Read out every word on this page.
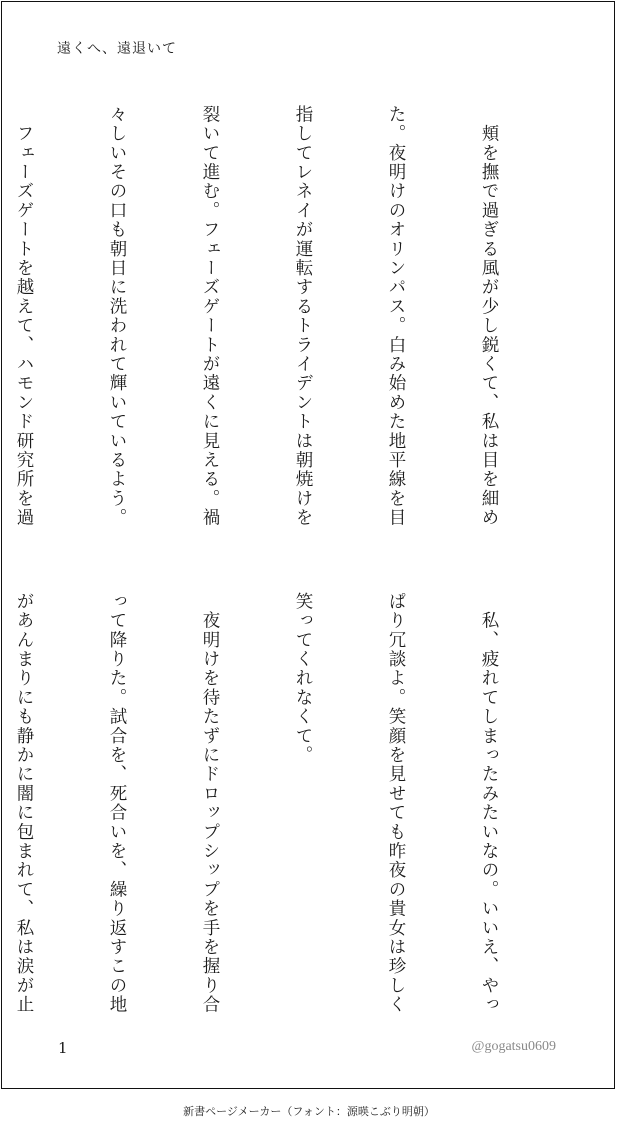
遠くへ、遠退いて

　頬を撫で過ぎる風が少し鋭くて、私は目を細め

た。夜明けのオリンパス。白み始めた地平線を目

指してレネイが運転するトライデントは朝焼けを

裂いて進む。フェーズゲートが遠くに見える。禍

々しいその口も朝日に洗われて輝いているよう。

　フェーズゲートを越えて、ハモンド研究所を過

　私、疲れてしまったみたいなの。いいえ、やっ

ぱり冗談よ。笑顔を見せても昨夜の貴女は珍しく

笑ってくれなくて。

　夜明けを待たずにドロップシップを手を握り合

って降りた。試合を、死合いを、繰り返すこの地

があんまりにも静かに闇に包まれて、私は涙が止

1	@gogatsu0609
新書ページメーカー（フォント：源暎こぶり明朝）
